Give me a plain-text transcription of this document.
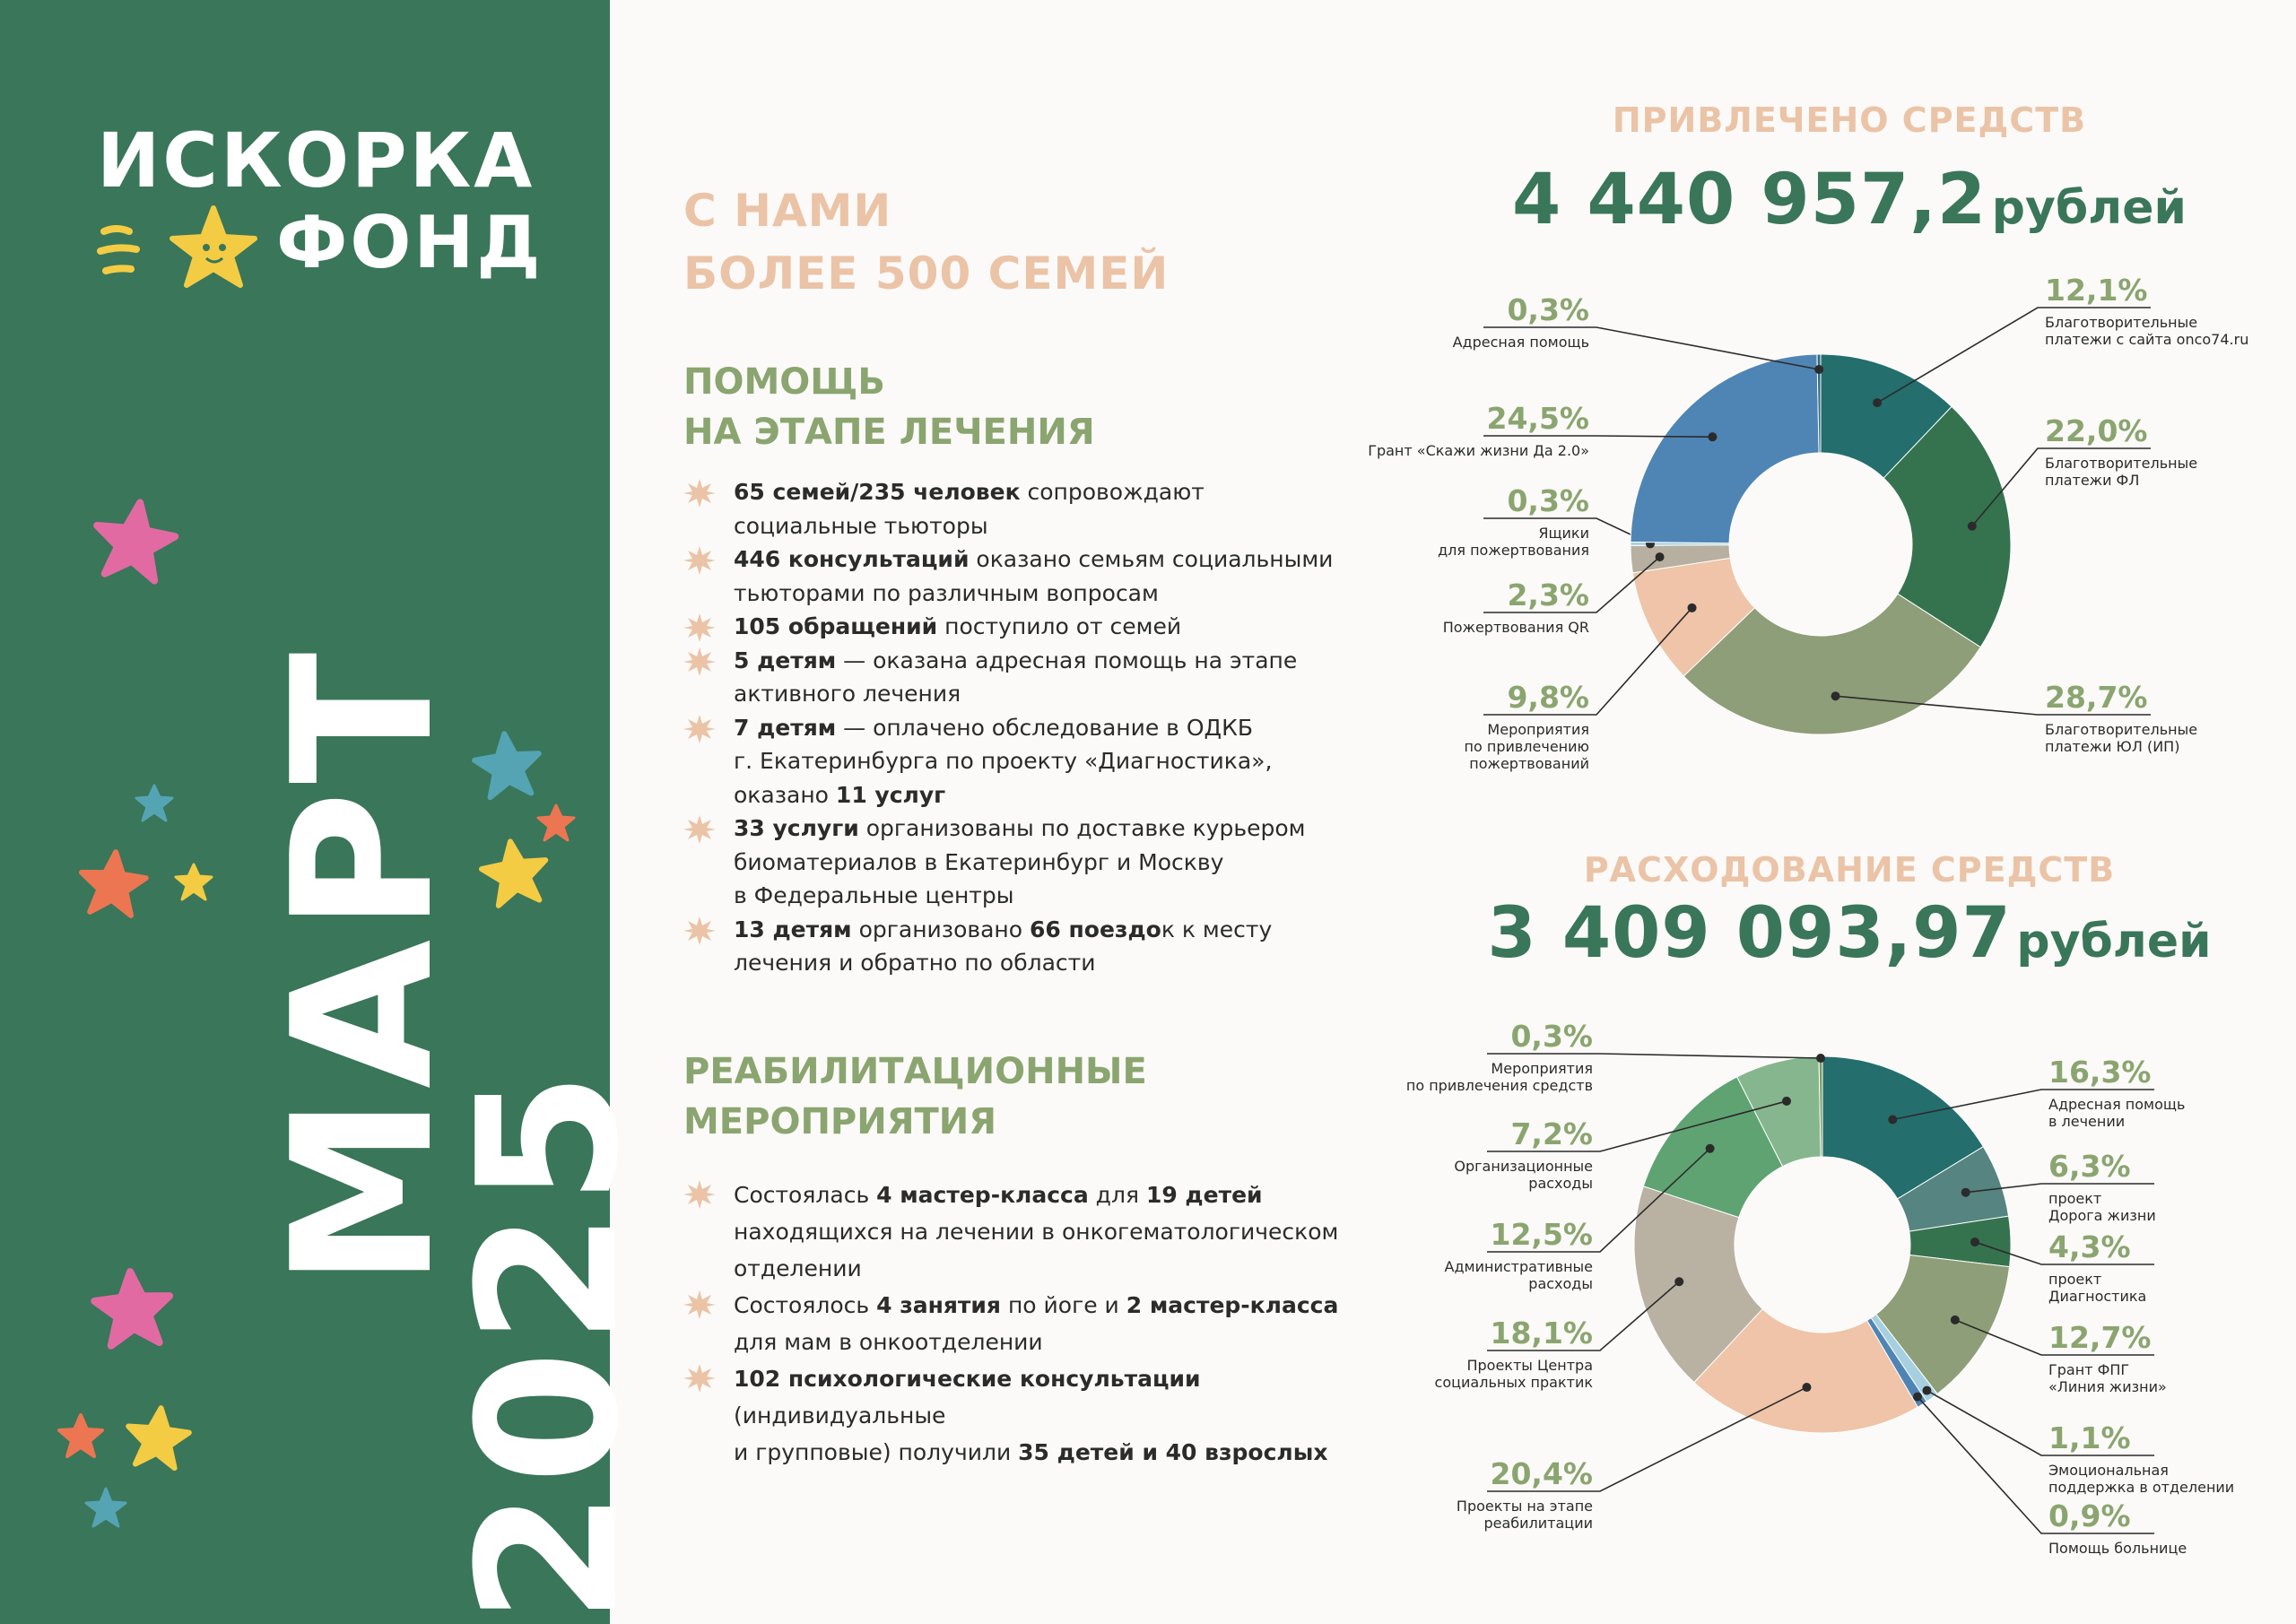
ИСКОРКА
ФОНД
МАРТ
2025
С НАМИ
БОЛЕЕ 500 СЕМЕЙ
ПОМОЩЬ
НА ЭТАПЕ ЛЕЧЕНИЯ
65 семей/235 человек сопровождают
социальные тьюторы
446 консультаций оказано семьям социальными
тьюторами по различным вопросам
105 обращений поступило от семей
5 детям — оказана адресная помощь на этапе
активного лечения
7 детям — оплачено обследование в ОДКБ
г. Екатеринбурга по проекту «Диагностика»,
оказано 11 услуг
33 услуги организованы по доставке курьером
биоматериалов в Екатеринбург и Москву
в Федеральные центры
13 детям организовано 66 поездок к месту
лечения и обратно по области
РЕАБИЛИТАЦИОННЫЕ
МЕРОПРИЯТИЯ
Состоялась 4 мастер-класса для 19 детей
находящихся на лечении в онкогематологическом
отделении
Состоялось 4 занятия по йоге и 2 мастер-класса
для мам в онкоотделении
102 психологические консультации (индивидуальные
и групповые) получили 35 детей и 40 взрослых
ПРИВЛЕЧЕНО СРЕДСТВ
4 440 957,2 рублей
РАСХОДОВАНИЕ СРЕДСТВ
3 409 093,97 рублей
12,1%
Благотворительные
платежи с сайта onco74.ru
22,0%
Благотворительные
платежи ФЛ
28,7%
Благотворительные
платежи ЮЛ (ИП)
9,8%
Мероприятия
по привлечению
пожертвований
2,3%
Пожертвования QR
0,3%
Ящики
для пожертвования
24,5%
Грант «Скажи жизни Да 2.0»
0,3%
Адресная помощь
16,3%
Адресная помощь
в лечении
6,3%
проект
Дорога жизни
4,3%
проект
Диагностика
12,7%
Грант ФПГ
«Линия жизни»
1,1%
Эмоциональная
поддержка в отделении
0,9%
Помощь больнице
20,4%
Проекты на этапе
реабилитации
18,1%
Проекты Центра
социальных практик
12,5%
Административные
расходы
7,2%
Организационные
расходы
0,3%
Мероприятия
по привлечения средств
